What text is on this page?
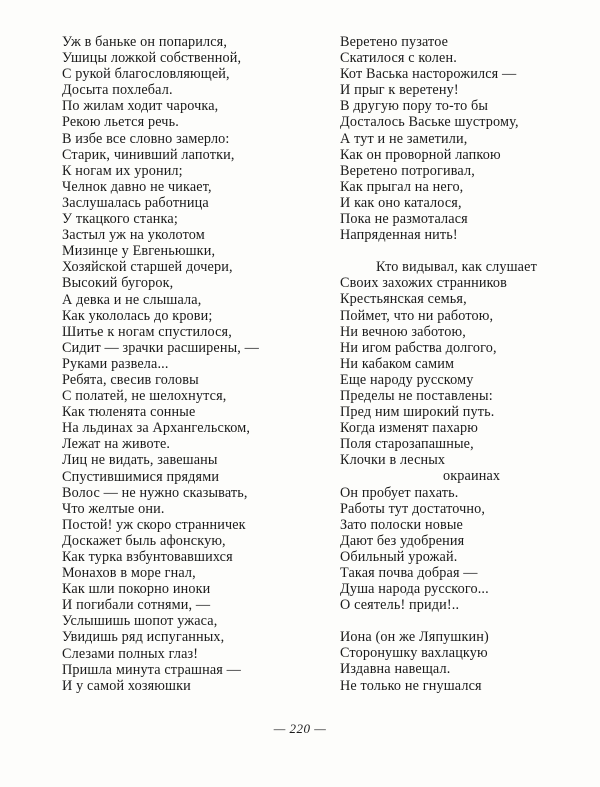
Уж в баньке он попарился,
Ушицы ложкой собственной,
С рукой благословляющей,
Досыта похлебал.
По жилам ходит чарочка,
Рекою льется речь.
В избе все словно замерло:
Старик, чинивший лапотки,
К ногам их уронил;
Челнок давно не чикает,
Заслушалась работница
У ткацкого станка;
Застыл уж на уколотом
Мизинце у Евгеньюшки,
Хозяйской старшей дочери,
Высокий бугорок,
А девка и не слышала,
Как укололась до крови;
Шитье к ногам спустилося,
Сидит — зрачки расширены, —
Руками развела...
Ребята, свесив головы
С полатей, не шелохнутся,
Как тюленята сонные
На льдинах за Архангельском,
Лежат на животе.
Лиц не видать, завешаны
Спустившимися прядями
Волос — не нужно сказывать,
Что желтые они.
Постой! уж скоро странничек
Доскажет быль афонскую,
Как турка взбунтовавшихся
Монахов в море гнал,
Как шли покорно иноки
И погибали сотнями, —
Услышишь шопот ужаса,
Увидишь ряд испуганных,
Слезами полных глаз!
Пришла минута страшная —
И у самой хозяюшки
Веретено пузатое
Скатилося с колен.
Кот Васька насторожился —
И прыг к веретену!
В другую пору то-то бы
Досталось Ваське шустрому,
А тут и не заметили,
Как он проворной лапкою
Веретено потрогивал,
Как прыгал на него,
И как оно каталося,
Пока не размоталася
Напряденная нить!
Кто видывал, как слушает
Своих захожих странников
Крестьянская семья,
Поймет, что ни работою,
Ни вечною заботою,
Ни игом рабства долгого,
Ни кабаком самим
Еще народу русскому
Пределы не поставлены:
Пред ним широкий путь.
Когда изменят пахарю
Поля старозапашные,
Клочки в лесных
окраинах
Он пробует пахать.
Работы тут достаточно,
Зато полоски новые
Дают без удобрения
Обильный урожай.
Такая почва добрая —
Душа народа русского...
О сеятель! приди!..
Иона (он же Ляпушкин)
Сторонушку вахлацкую
Издавна навещал.
Не только не гнушался
— 220 —
